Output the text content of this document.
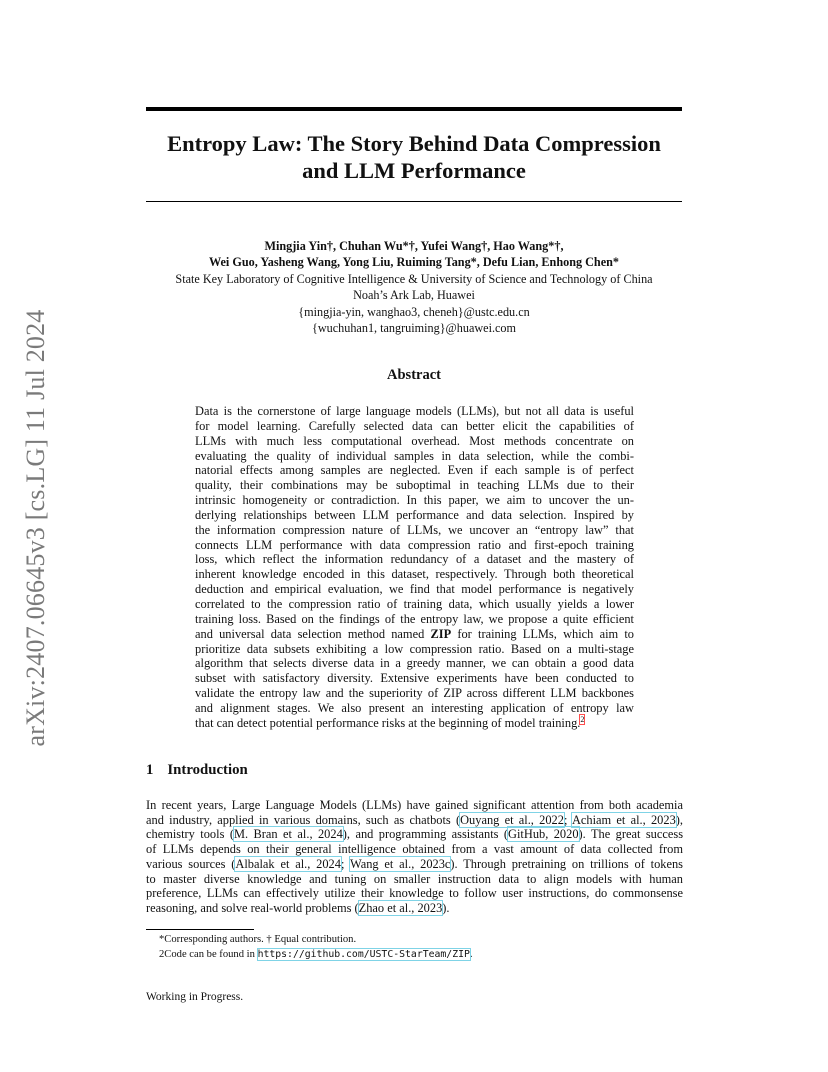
arXiv:2407.06645v3 [cs.LG] 11 Jul 2024
Entropy Law: The Story Behind Data Compression
and LLM Performance
Mingjia Yin†, Chuhan Wu*†, Yufei Wang†, Hao Wang*†,
Wei Guo, Yasheng Wang, Yong Liu, Ruiming Tang*, Defu Lian, Enhong Chen*
State Key Laboratory of Cognitive Intelligence & University of Science and Technology of China
Noah’s Ark Lab, Huawei
{mingjia-yin, wanghao3, cheneh}@ustc.edu.cn
{wuchuhan1, tangruiming}@huawei.com
Abstract
Data is the cornerstone of large language models (LLMs), but not all data is useful
for model learning. Carefully selected data can better elicit the capabilities of
LLMs with much less computational overhead. Most methods concentrate on
evaluating the quality of individual samples in data selection, while the combi-
natorial effects among samples are neglected. Even if each sample is of perfect
quality, their combinations may be suboptimal in teaching LLMs due to their
intrinsic homogeneity or contradiction. In this paper, we aim to uncover the un-
derlying relationships between LLM performance and data selection. Inspired by
the information compression nature of LLMs, we uncover an “entropy law” that
connects LLM performance with data compression ratio and first-epoch training
loss, which reflect the information redundancy of a dataset and the mastery of
inherent knowledge encoded in this dataset, respectively. Through both theoretical
deduction and empirical evaluation, we find that model performance is negatively
correlated to the compression ratio of training data, which usually yields a lower
training loss. Based on the findings of the entropy law, we propose a quite efficient
and universal data selection method named ZIP for training LLMs, which aim to
prioritize data subsets exhibiting a low compression ratio. Based on a multi-stage
algorithm that selects diverse data in a greedy manner, we can obtain a good data
subset with satisfactory diversity. Extensive experiments have been conducted to
validate the entropy law and the superiority of ZIP across different LLM backbones
and alignment stages. We also present an interesting application of entropy law
that can detect potential performance risks at the beginning of model training.$^2$
1 Introduction
In recent years, Large Language Models (LLMs) have gained significant attention from both academia
and industry, applied in various domains, such as chatbots (Ouyang et al., 2022; Achiam et al., 2023),
chemistry tools (M. Bran et al., 2024), and programming assistants (GitHub, 2020). The great success
of LLMs depends on their general intelligence obtained from a vast amount of data collected from
various sources (Albalak et al., 2024; Wang et al., 2023c). Through pretraining on trillions of tokens
to master diverse knowledge and tuning on smaller instruction data to align models with human
preference, LLMs can effectively utilize their knowledge to follow user instructions, do commonsense
reasoning, and solve real-world problems (Zhao et al., 2023).
*Corresponding authors. † Equal contribution.
2Code can be found in https://github.com/USTC-StarTeam/ZIP.
Working in Progress.
